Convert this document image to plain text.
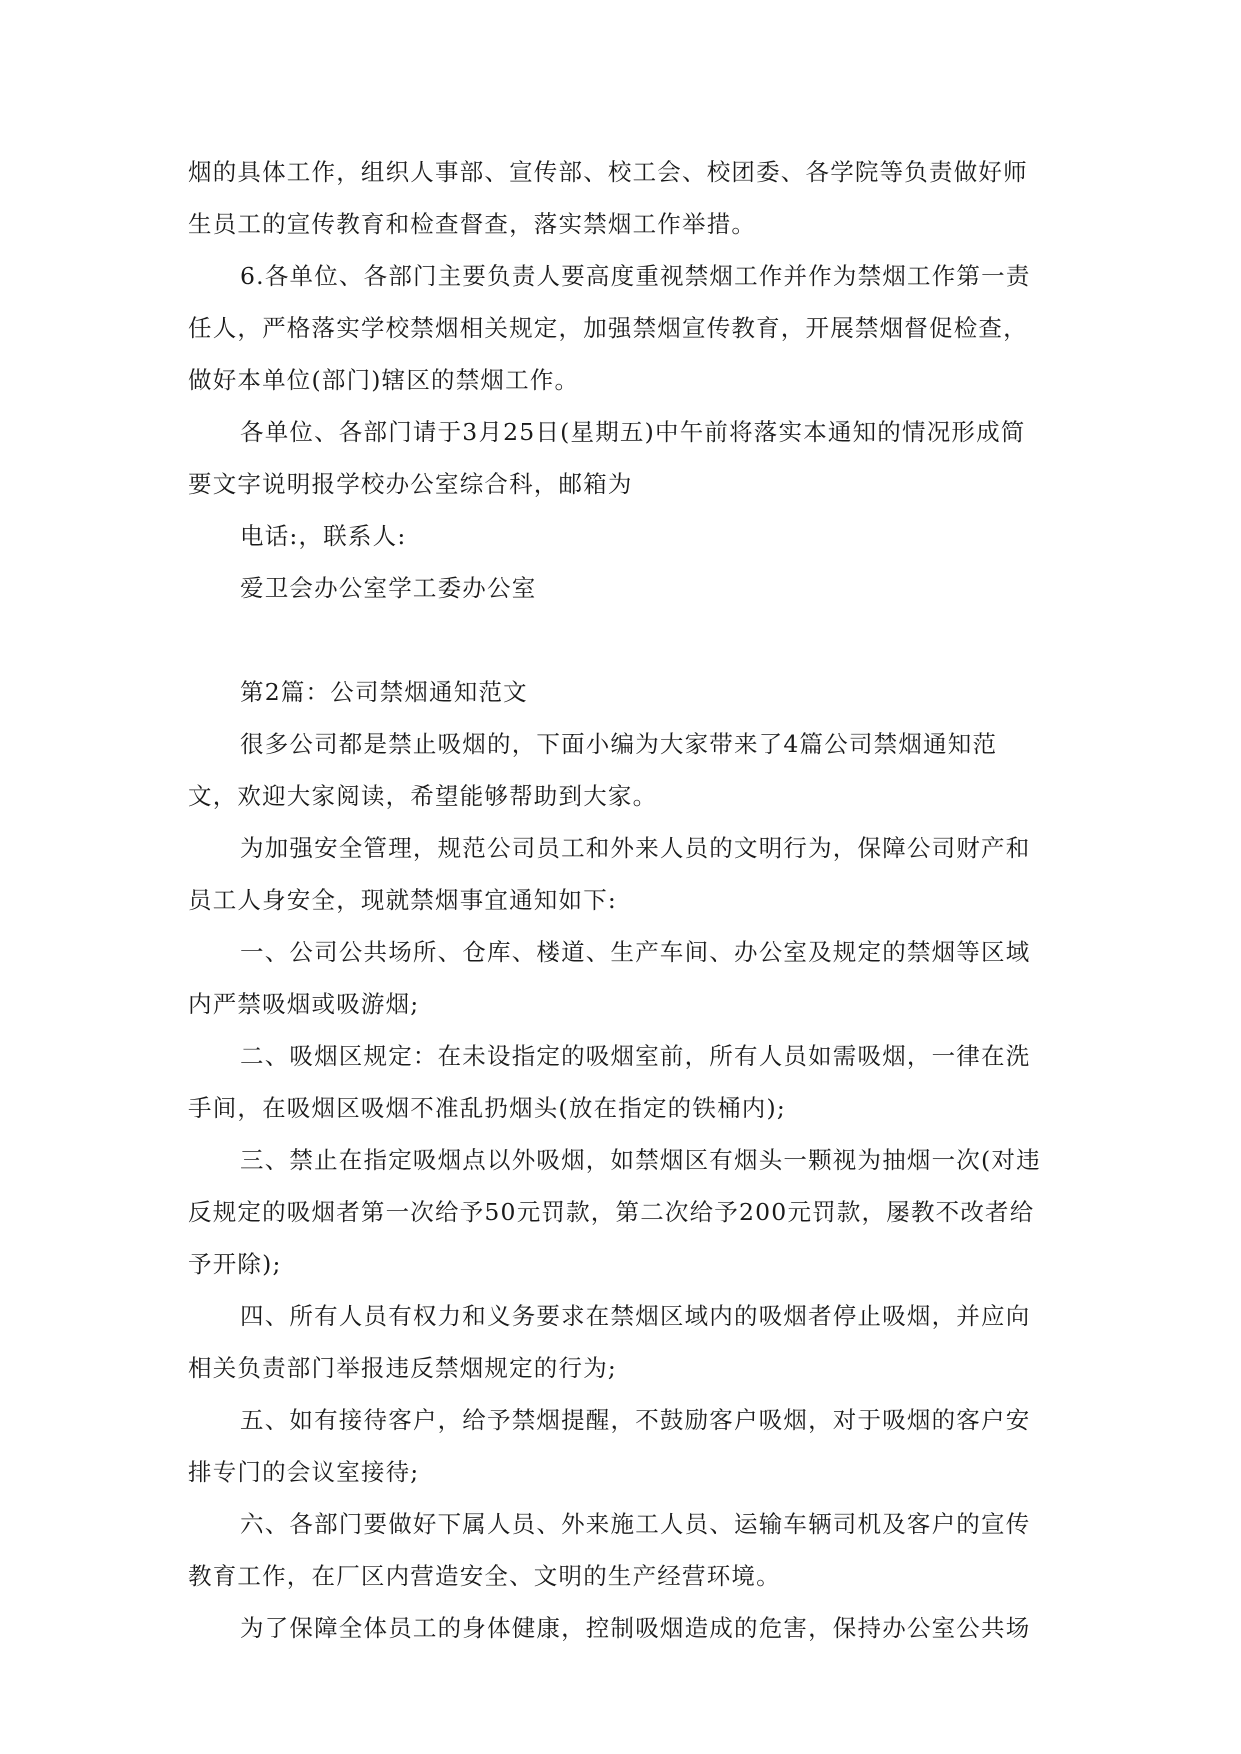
烟的具体工作，组织人事部、宣传部、校工会、校团委、各学院等负责做好师
生员工的宣传教育和检查督查，落实禁烟工作举措。
6.各单位、各部门主要负责人要高度重视禁烟工作并作为禁烟工作第一责
任人，严格落实学校禁烟相关规定，加强禁烟宣传教育，开展禁烟督促检查，
做好本单位(部门)辖区的禁烟工作。
各单位、各部门请于3月25日(星期五)中午前将落实本通知的情况形成简
要文字说明报学校办公室综合科，邮箱为
电话:，联系人:
爱卫会办公室学工委办公室
第2篇：公司禁烟通知范文
很多公司都是禁止吸烟的，下面小编为大家带来了4篇公司禁烟通知范
文，欢迎大家阅读，希望能够帮助到大家。
为加强安全管理，规范公司员工和外来人员的文明行为，保障公司财产和
员工人身安全，现就禁烟事宜通知如下:
一、公司公共场所、仓库、楼道、生产车间、办公室及规定的禁烟等区域
内严禁吸烟或吸游烟;
二、吸烟区规定：在未设指定的吸烟室前，所有人员如需吸烟，一律在洗
手间，在吸烟区吸烟不准乱扔烟头(放在指定的铁桶内);
三、禁止在指定吸烟点以外吸烟，如禁烟区有烟头一颗视为抽烟一次(对违
反规定的吸烟者第一次给予50元罚款，第二次给予200元罚款，屡教不改者给
予开除);
四、所有人员有权力和义务要求在禁烟区域内的吸烟者停止吸烟，并应向
相关负责部门举报违反禁烟规定的行为;
五、如有接待客户，给予禁烟提醒，不鼓励客户吸烟，对于吸烟的客户安
排专门的会议室接待;
六、各部门要做好下属人员、外来施工人员、运输车辆司机及客户的宣传
教育工作，在厂区内营造安全、文明的生产经营环境。
为了保障全体员工的身体健康，控制吸烟造成的危害，保持办公室公共场
